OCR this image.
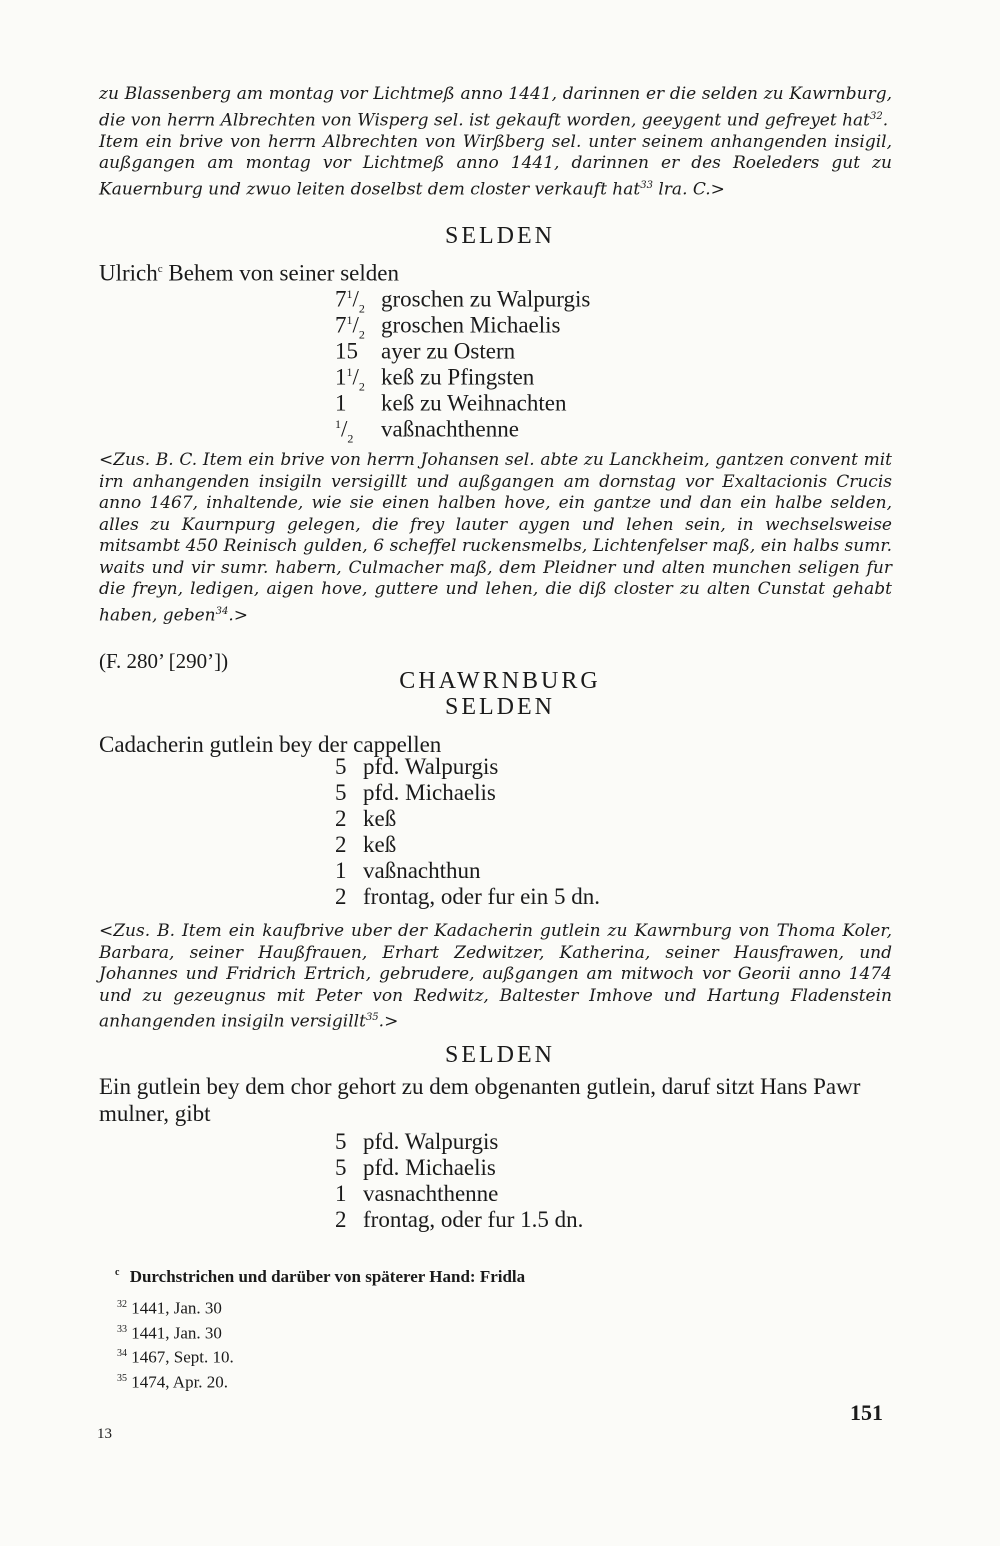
zu Blassenberg am montag vor Lichtmeß anno 1441, darinnen er die selden zu Kawrnburg, die von herrn Albrechten von Wisperg sel. ist gekauft worden, geeygent und gefreyet hat$^{32}$.

Item ein brive von herrn Albrechten von Wirßberg sel. unter seinem anhangenden insigil, außgangen am montag vor Lichtmeß anno 1441, darinnen er des Roeleders gut zu Kauernburg und zwuo leiten doselbst dem closter verkauft hat$^{33}$ lra. C.>

SELDEN
Ulrich$^c$ Behem von seiner selden
$7^1/_2$ groschen zu Walpurgis
$7^1/_2$ groschen Michaelis
15 ayer zu Ostern
$1^1/_2$ keß zu Pfingsten
1 keß zu Weihnachten
$^1/_2$ vaßnachthenne

<Zus. B. C. Item ein brive von herrn Johansen sel. abte zu Lanckheim, gantzen convent mit irn anhangenden insigiln versigillt und außgangen am dornstag vor Exaltacionis Crucis anno 1467, inhaltende, wie sie einen halben hove, ein gantze und dan ein halbe selden, alles zu Kaurnpurg gelegen, die frey lauter aygen und lehen sein, in wechselsweise mitsambt 450 Reinisch gulden, 6 scheffel ruckensmelbs, Lichtenfelser maß, ein halbs sumr. waits und vir sumr. habern, Culmacher maß, dem Pleidner und alten munchen seligen fur die freyn, ledigen, aigen hove, guttere und lehen, die diß closter zu alten Cunstat gehabt haben, geben$^{34}$.>

(F. 280’ [290’])
CHAWRNBURG
SELDEN
Cadacherin gutlein bey der cappellen
5 pfd. Walpurgis
5 pfd. Michaelis
2 keß
2 keß
1 vaßnachthun
2 frontag, oder fur ein 5 dn.

<Zus. B. Item ein kaufbrive uber der Kadacherin gutlein zu Kawrnburg von Thoma Koler, Barbara, seiner Haußfrauen, Erhart Zedwitzer, Katherina, seiner Hausfrawen, und Johannes und Fridrich Ertrich, gebrudere, außgangen am mitwoch vor Georii anno 1474 und zu gezeugnus mit Peter von Redwitz, Baltester Imhove und Hartung Fladenstein anhangenden insigiln versigillt$^{35}$.>

SELDEN
Ein gutlein bey dem chor gehort zu dem obgenanten gutlein, daruf sitzt Hans Pawr mulner, gibt
5 pfd. Walpurgis
5 pfd. Michaelis
1 vasnachthenne
2 frontag, oder fur 1.5 dn.
$^c$ Durchstrichen und darüber von späterer Hand: Fridla
$^{32}$ 1441, Jan. 30
$^{33}$ 1441, Jan. 30
$^{34}$ 1467, Sept. 10.
$^{35}$ 1474, Apr. 20.
151
13
